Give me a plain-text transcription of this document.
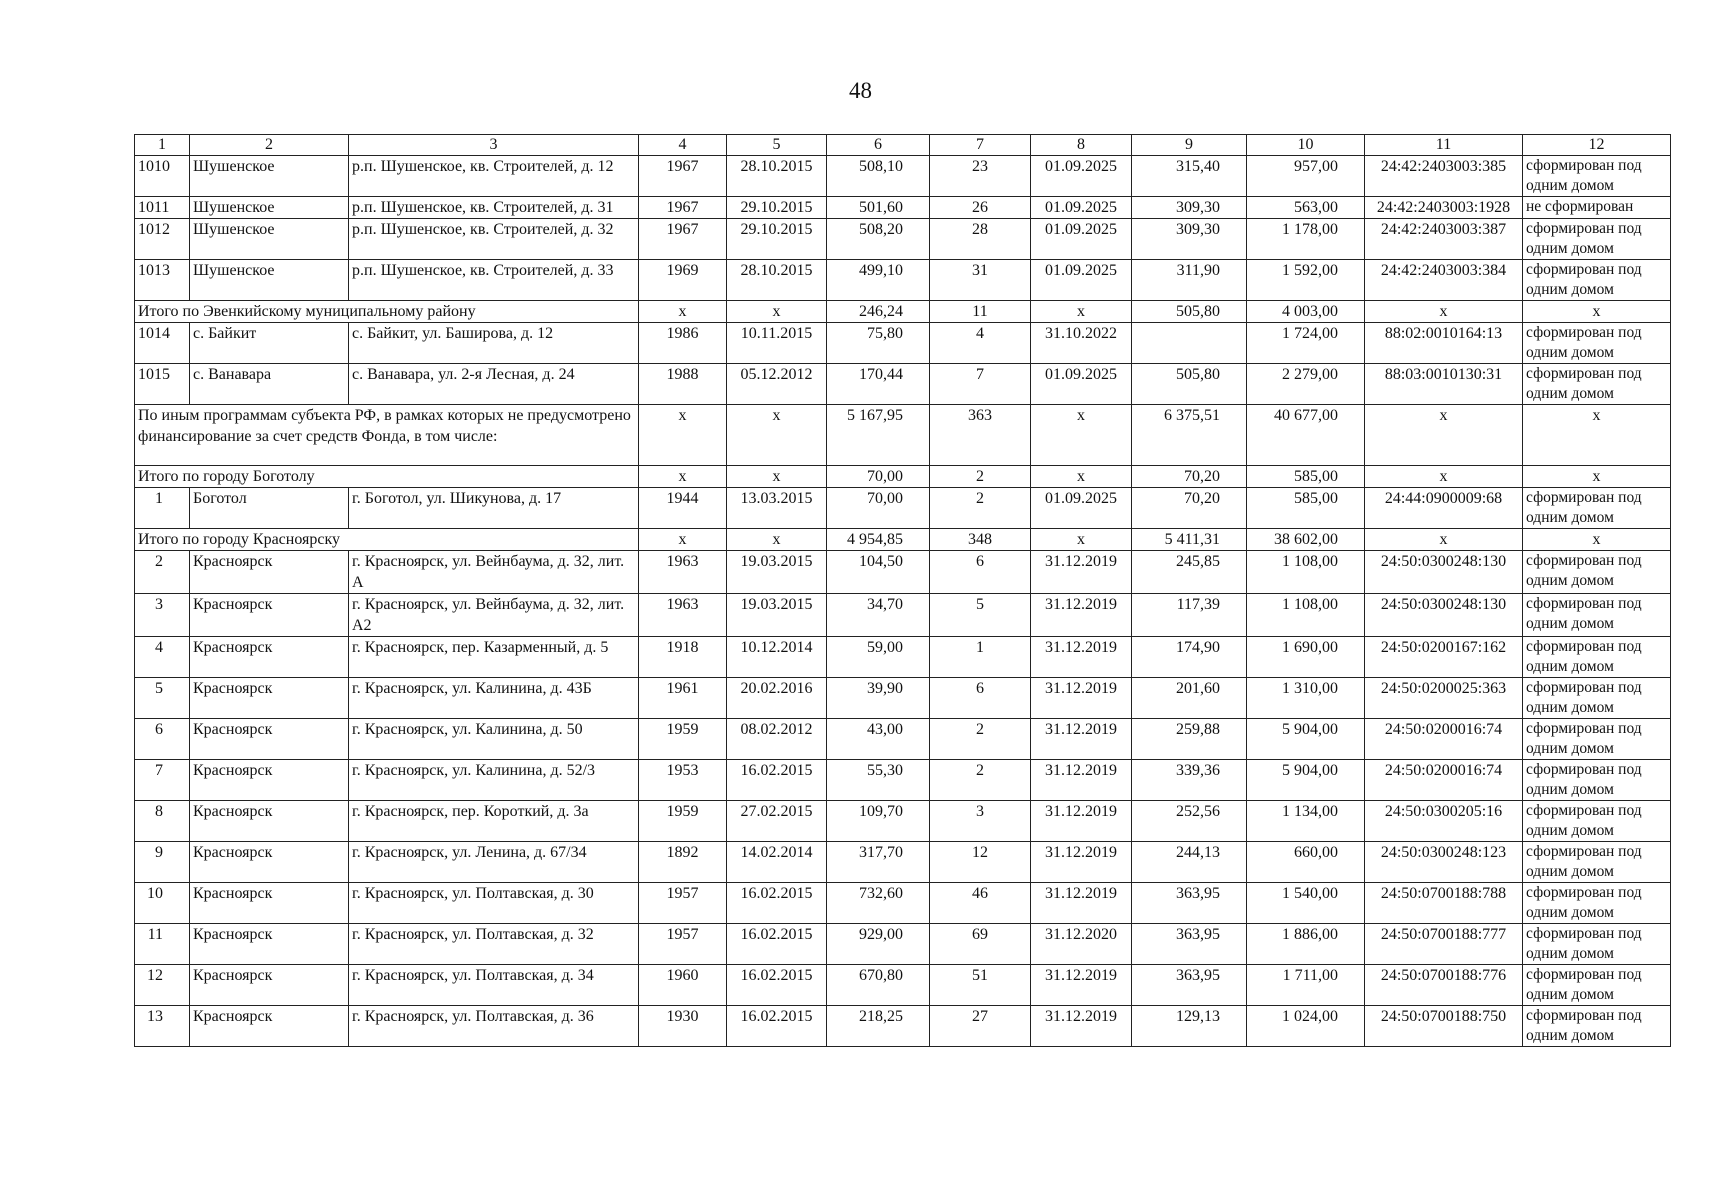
48
1	2	3	4	5	6	7	8	9	10	11	12
1010	Шушенское	р.п. Шушенское, кв. Строителей, д. 12	1967	28.10.2015	508,10	23	01.09.2025	315,40	957,00	24:42:2403003:385	сформирован под одним домом
1011	Шушенское	р.п. Шушенское, кв. Строителей, д. 31	1967	29.10.2015	501,60	26	01.09.2025	309,30	563,00	24:42:2403003:1928	не сформирован
1012	Шушенское	р.п. Шушенское, кв. Строителей, д. 32	1967	29.10.2015	508,20	28	01.09.2025	309,30	1 178,00	24:42:2403003:387	сформирован под одним домом
1013	Шушенское	р.п. Шушенское, кв. Строителей, д. 33	1969	28.10.2015	499,10	31	01.09.2025	311,90	1 592,00	24:42:2403003:384	сформирован под одним домом
Итого по Эвенкийскому муниципальному району			x	x	246,24	11	x	505,80	4 003,00	x	x
1014	с. Байкит	с. Байкит, ул. Баширова, д. 12	1986	10.11.2015	75,80	4	31.10.2022		1 724,00	88:02:0010164:13	сформирован под одним домом
1015	с. Ванавара	с. Ванавара, ул. 2-я Лесная, д. 24	1988	05.12.2012	170,44	7	01.09.2025	505,80	2 279,00	88:03:0010130:31	сформирован под одним домом
По иным программам субъекта РФ, в рамках которых не предусмотрено финансирование за счет средств Фонда, в том числе:			x	x	5 167,95	363	x	6 375,51	40 677,00	x	x
Итого по городу Боготолу			x	x	70,00	2	x	70,20	585,00	x	x
1	Боготол	г. Боготол, ул. Шикунова, д. 17	1944	13.03.2015	70,00	2	01.09.2025	70,20	585,00	24:44:0900009:68	сформирован под одним домом
Итого по городу Красноярску			x	x	4 954,85	348	x	5 411,31	38 602,00	x	x
2	Красноярск	г. Красноярск, ул. Вейнбаума, д. 32, лит. А	1963	19.03.2015	104,50	6	31.12.2019	245,85	1 108,00	24:50:0300248:130	сформирован под одним домом
3	Красноярск	г. Красноярск, ул. Вейнбаума, д. 32, лит. А2	1963	19.03.2015	34,70	5	31.12.2019	117,39	1 108,00	24:50:0300248:130	сформирован под одним домом
4	Красноярск	г. Красноярск, пер. Казарменный, д. 5	1918	10.12.2014	59,00	1	31.12.2019	174,90	1 690,00	24:50:0200167:162	сформирован под одним домом
5	Красноярск	г. Красноярск, ул. Калинина, д. 43Б	1961	20.02.2016	39,90	6	31.12.2019	201,60	1 310,00	24:50:0200025:363	сформирован под одним домом
6	Красноярск	г. Красноярск, ул. Калинина, д. 50	1959	08.02.2012	43,00	2	31.12.2019	259,88	5 904,00	24:50:0200016:74	сформирован под одним домом
7	Красноярск	г. Красноярск, ул. Калинина, д. 52/3	1953	16.02.2015	55,30	2	31.12.2019	339,36	5 904,00	24:50:0200016:74	сформирован под одним домом
8	Красноярск	г. Красноярск, пер. Короткий, д. 3а	1959	27.02.2015	109,70	3	31.12.2019	252,56	1 134,00	24:50:0300205:16	сформирован под одним домом
9	Красноярск	г. Красноярск, ул. Ленина, д. 67/34	1892	14.02.2014	317,70	12	31.12.2019	244,13	660,00	24:50:0300248:123	сформирован под одним домом
10	Красноярск	г. Красноярск, ул. Полтавская, д. 30	1957	16.02.2015	732,60	46	31.12.2019	363,95	1 540,00	24:50:0700188:788	сформирован под одним домом
11	Красноярск	г. Красноярск, ул. Полтавская, д. 32	1957	16.02.2015	929,00	69	31.12.2020	363,95	1 886,00	24:50:0700188:777	сформирован под одним домом
12	Красноярск	г. Красноярск, ул. Полтавская, д. 34	1960	16.02.2015	670,80	51	31.12.2019	363,95	1 711,00	24:50:0700188:776	сформирован под одним домом
13	Красноярск	г. Красноярск, ул. Полтавская, д. 36	1930	16.02.2015	218,25	27	31.12.2019	129,13	1 024,00	24:50:0700188:750	сформирован под одним домом
